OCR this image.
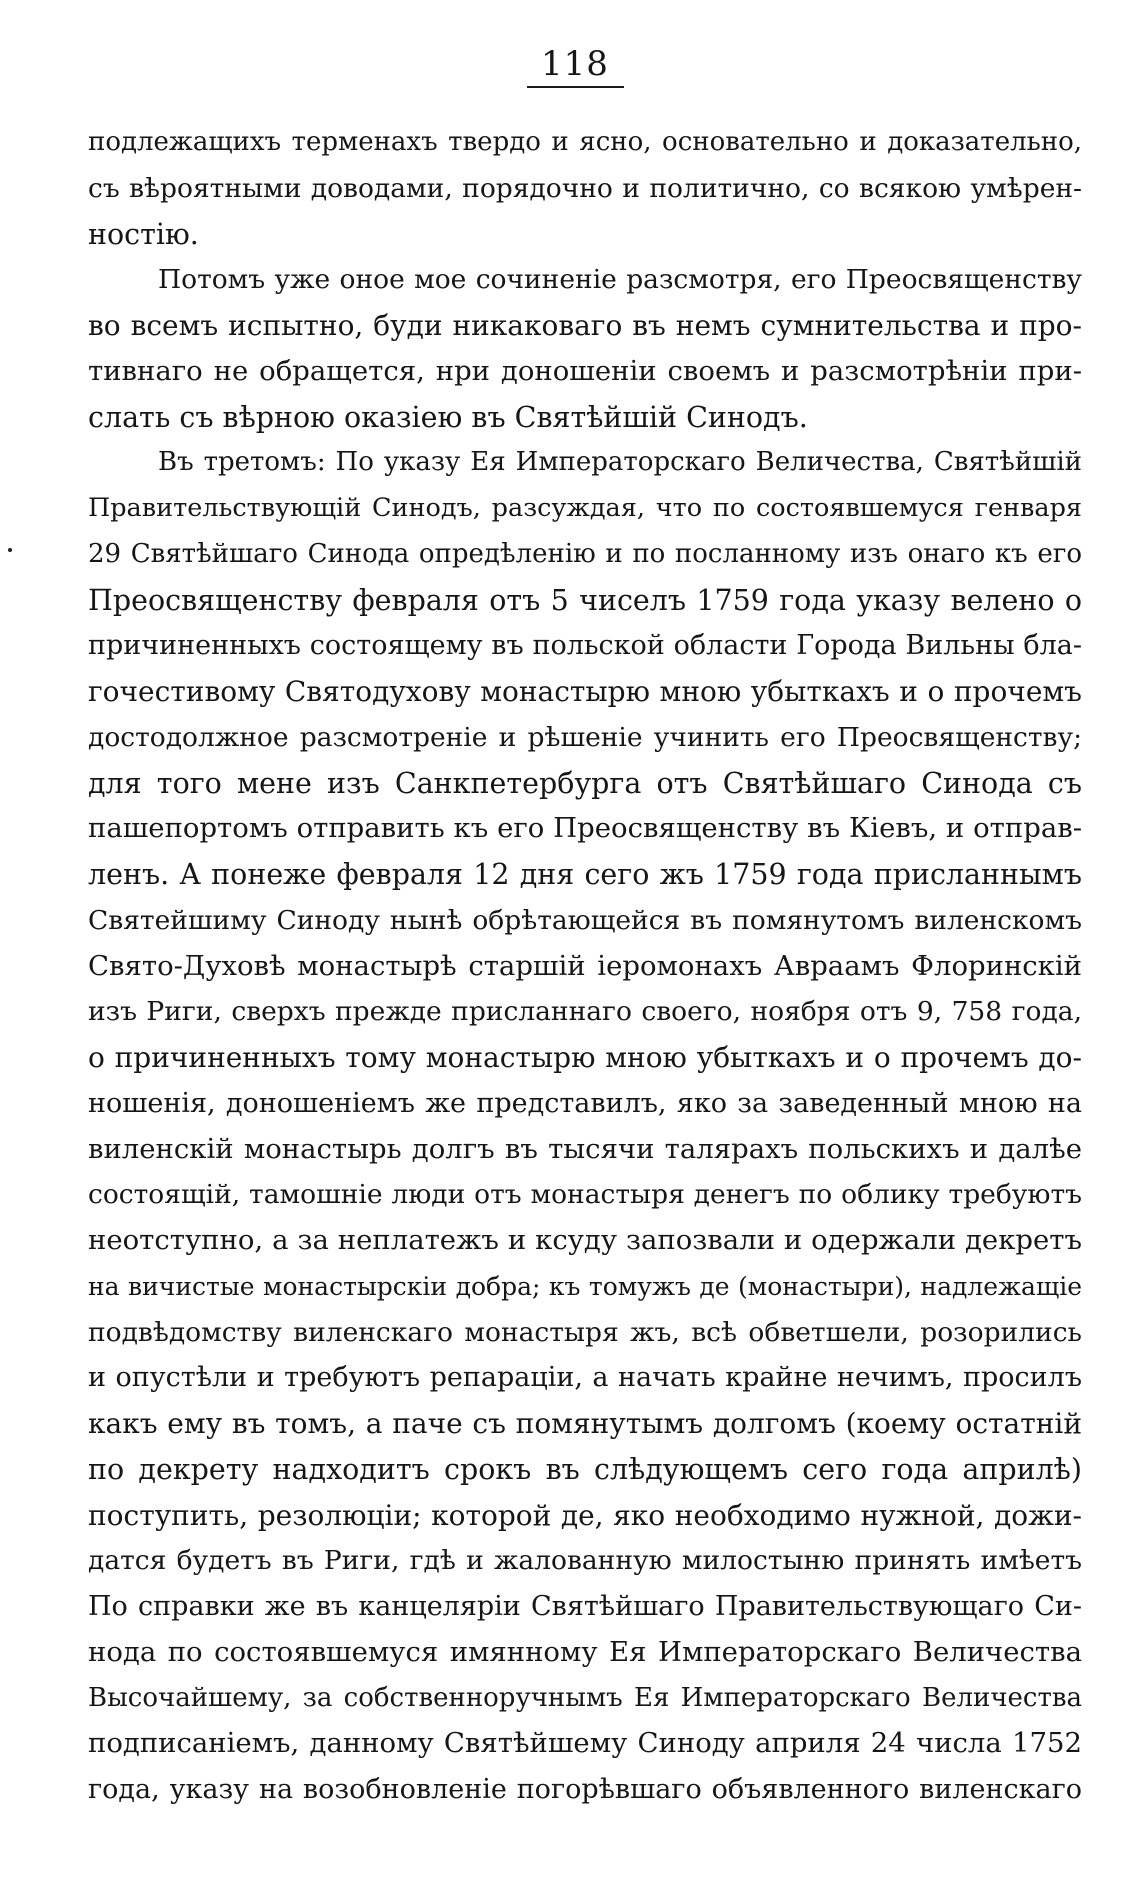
118
подлежащихъ терменахъ твердо и ясно, основательно и доказательно,
съ вѣроятными доводами, порядочно и политично, со всякою умѣрен-
ностію.
Потомъ уже оное мое сочиненіе разсмотря, его Преосвященству
во всемъ испытно, буди никаковаго въ немъ сумнительства и про-
тивнаго не обращется, нри доношеніи своемъ и разсмотрѣніи при-
слать съ вѣрною оказіею въ Святѣйшій Синодъ.
Въ третомъ: По указу Ея Императорскаго Величества, Святѣйшій
Правительствующій Синодъ, разсуждая, что по состоявшемуся генваря
29 Святѣйшаго Синода опредѣленію и по посланному изъ онаго къ его
Преосвященству февраля отъ 5 чиселъ 1759 года указу велено о
причиненныхъ состоящему въ польской области Города Вильны бла-
гочестивому Святодухову монастырю мною убыткахъ и о прочемъ
достодолжное разсмотреніе и рѣшеніе учинить его Преосвященству;
для того мене изъ Санкпетербурга отъ Святѣйшаго Синода съ
пашепортомъ отправить къ его Преосвященству въ Кіевъ, и отправ-
ленъ. А понеже февраля 12 дня сего жъ 1759 года присланнымъ
Святейшиму Синоду нынѣ обрѣтающейся въ помянутомъ виленскомъ
Свято-Духовѣ монастырѣ старшій іеромонахъ Авраамъ Флоринскій
изъ Риги, сверхъ прежде присланнаго своего, ноября отъ 9, 758 года,
о причиненныхъ тому монастырю мною убыткахъ и о прочемъ до-
ношенія, доношеніемъ же представилъ, яко за заведенный мною на
виленскій монастырь долгъ въ тысячи талярахъ польскихъ и далѣе
состоящій, тамошніе люди отъ монастыря денегъ по облику требуютъ
неотступно, а за неплатежъ и ксуду запозвали и одержали декретъ
на вичистые монастырскіи добра; къ томужъ де (монастыри), надлежащіе
подвѣдомству виленскаго монастыря жъ, всѣ обветшели, розорились
и опустѣли и требуютъ репараціи, а начать крайне нечимъ, просилъ
какъ ему въ томъ, а паче съ помянутымъ долгомъ (коему остатній
по декрету надходитъ срокъ въ слѣдующемъ сего года априлѣ)
поступить, резолюціи; которой де, яко необходимо нужной, дожи-
датся будетъ въ Риги, гдѣ и жалованную милостыню принять имѣетъ
По справки же въ канцеляріи Святѣйшаго Правительствующаго Си-
нода по состоявшемуся имянному Ея Императорскаго Величества
Высочайшему, за собственноручнымъ Ея Императорскаго Величества
подписаніемъ, данному Святѣйшему Синоду априля 24 числа 1752
года, указу на возобновленіе погорѣвшаго объявленного виленскаго
